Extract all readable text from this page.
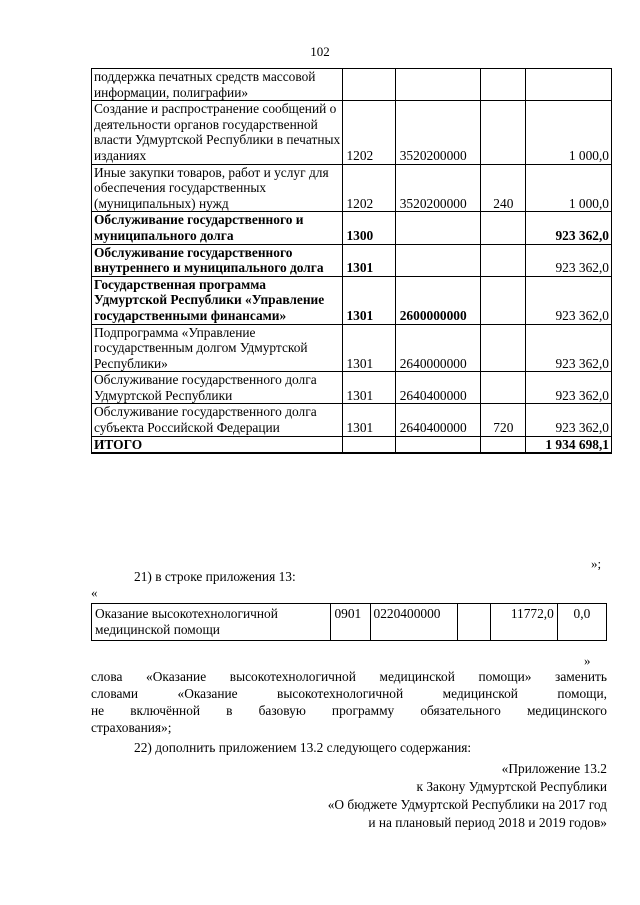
102
поддержка печатных средств массовой информации, полиграфии»				
Создание и распространение сообщений о деятельности органов государственной власти Удмуртской Республики в печатных изданиях	1202	3520200000		1 000,0
Иные закупки товаров, работ и услуг для обеспечения государственных (муниципальных) нужд	1202	3520200000	240	1 000,0
Обслуживание государственного и муниципального долга	1300			923 362,0
Обслуживание государственного внутреннего и муниципального долга	1301			923 362,0
Государственная программа Удмуртской Республики «Управление государственными финансами»	1301	2600000000		923 362,0
Подпрограмма «Управление государственным долгом Удмуртской Республики»	1301	2640000000		923 362,0
Обслуживание государственного долга Удмуртской Республики	1301	2640400000		923 362,0
Обслуживание государственного долга субъекта Российской Федерации	1301	2640400000	720	923 362,0
ИТОГО				1 934 698,1
»;
21) в строке приложения 13:
«
Оказание высокотехнологичной медицинской помощи	0901	0220400000		11772,0	0,0
»
слова «Оказание высокотехнологичной медицинской помощи» заменить
словами «Оказание высокотехнологичной медицинской помощи,
не включённой в базовую программу обязательного медицинского
страхования»;
22) дополнить приложением 13.2 следующего содержания:
«Приложение 13.2
к Закону Удмуртской Республики
«О бюджете Удмуртской Республики на 2017 год
и на плановый период 2018 и 2019 годов»
